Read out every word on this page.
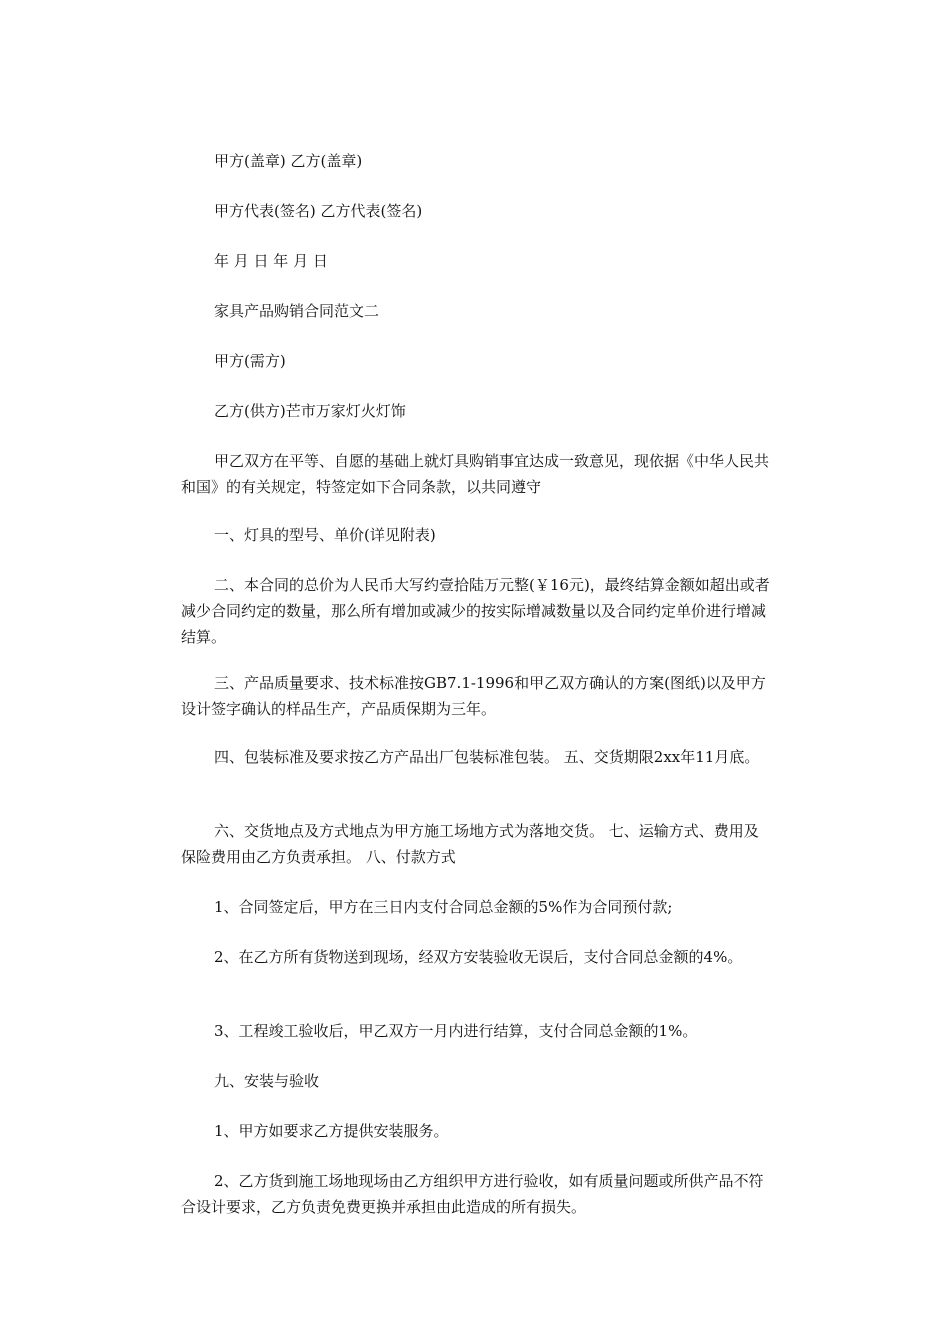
甲方(盖章) 乙方(盖章)

甲方代表(签名) 乙方代表(签名)

年 月 日 年 月 日

家具产品购销合同范文二

甲方(需方)

乙方(供方)芒市万家灯火灯饰

甲乙双方在平等、自愿的基础上就灯具购销事宜达成一致意见，现依据《中华人民共和国》的有关规定，特签定如下合同条款，以共同遵守

一、灯具的型号、单价(详见附表)

二、本合同的总价为人民币大写约壹拾陆万元整(￥16元)，最终结算金额如超出或者减少合同约定的数量，那么所有增加或减少的按实际增减数量以及合同约定单价进行增减结算。

三、产品质量要求、技术标准按GB7.1-1996和甲乙双方确认的方案(图纸)以及甲方设计签字确认的样品生产，产品质保期为三年。

四、包装标准及要求按乙方产品出厂包装标准包装。 五、交货期限2xx年11月底。

六、交货地点及方式地点为甲方施工场地方式为落地交货。 七、运输方式、费用及保险费用由乙方负责承担。 八、付款方式

1、合同签定后，甲方在三日内支付合同总金额的5%作为合同预付款;

2、在乙方所有货物送到现场，经双方安装验收无误后，支付合同总金额的4%。

3、工程竣工验收后，甲乙双方一月内进行结算，支付合同总金额的1%。

九、安装与验收

1、甲方如要求乙方提供安装服务。

2、乙方货到施工场地现场由乙方组织甲方进行验收，如有质量问题或所供产品不符合设计要求，乙方负责免费更换并承担由此造成的所有损失。
